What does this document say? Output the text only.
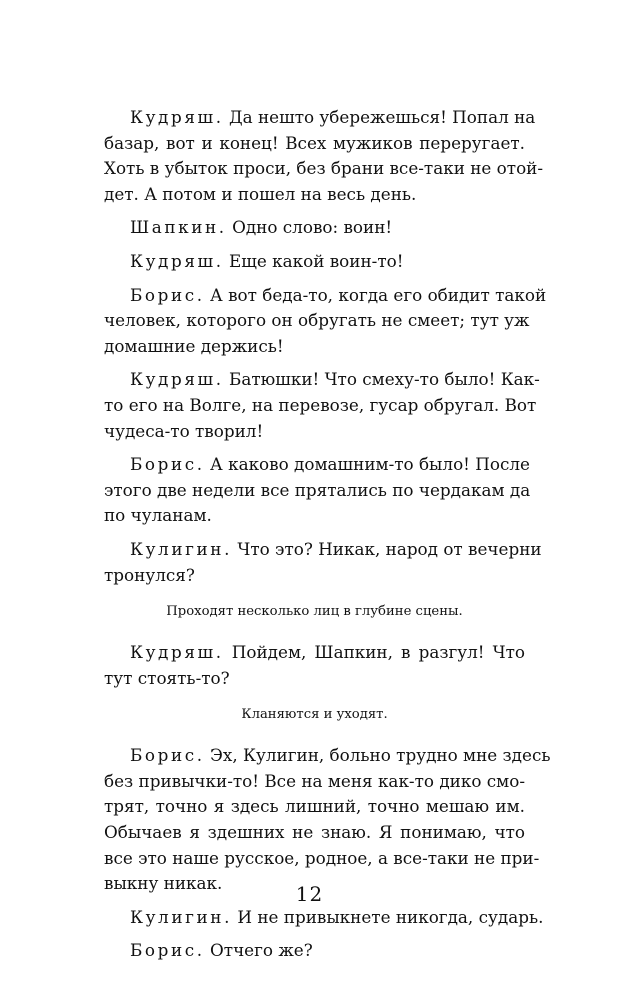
Кудряш. Да нешто убережешься! Попал на
базар, вот и конец! Всех мужиков переругает.
Хоть в убыток проси, без брани все-таки не отой-
дет. А потом и пошел на весь день.
Шапкин. Одно слово: воин!
Кудряш. Еще какой воин-то!
Борис. А вот беда-то, когда его обидит такой
человек, которого он обругать не смеет; тут уж
домашние держись!
Кудряш. Батюшки! Что смеху-то было! Как-
то его на Волге, на перевозе, гусар обругал. Вот
чудеса-то творил!
Борис. А каково домашним-то было! После
этого две недели все прятались по чердакам да
по чуланам.
Кулигин. Что это? Никак, народ от вечерни
тронулся?
Проходят несколько лиц в глубине сцены.
Кудряш. Пойдем, Шапкин, в разгул! Что
тут стоять-то?
Кланяются и уходят.
Борис. Эх, Кулигин, больно трудно мне здесь
без привычки-то! Все на меня как-то дико смо-
трят, точно я здесь лишний, точно мешаю им.
Обычаев я здешних не знаю. Я понимаю, что
все это наше русское, родное, а все-таки не при-
выкну никак.
Кулигин. И не привыкнете никогда, сударь.
Борис. Отчего же?
12
